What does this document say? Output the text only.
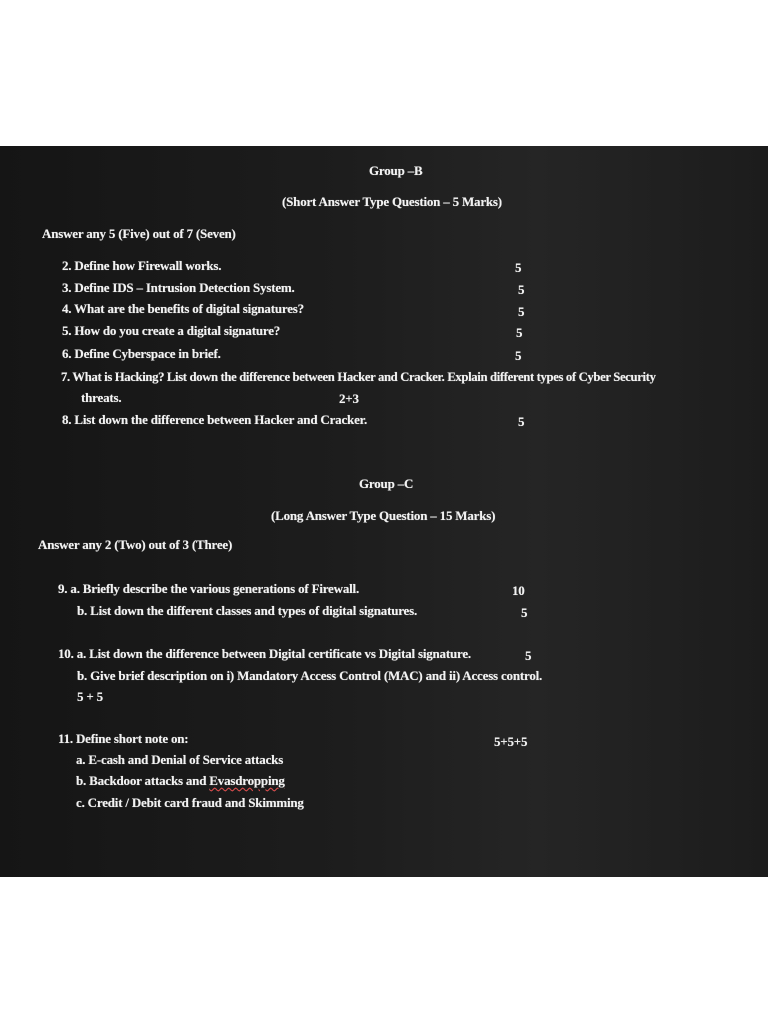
Group –B
(Short Answer Type Question – 5 Marks)
Answer any 5 (Five) out of 7 (Seven)
2. Define how Firewall works.	5
3. Define IDS – Intrusion Detection System.	5
4. What are the benefits of digital signatures?	5
5. How do you create a digital signature?	5
6. Define Cyberspace in brief.	5
7. What is Hacking? List down the difference between Hacker and Cracker. Explain different types of Cyber Security
threats.	2+3
8. List down the difference between Hacker and Cracker.	5
Group –C
(Long Answer Type Question – 15 Marks)
Answer any 2 (Two) out of 3 (Three)
9. a. Briefly describe the various generations of Firewall.	10
b. List down the different classes and types of digital signatures.	5
10. a. List down the difference between Digital certificate vs Digital signature.	5
b. Give brief description on i) Mandatory Access Control (MAC) and ii) Access control.
5 + 5
11. Define short note on:	5+5+5
a. E-cash and Denial of Service attacks
b. Backdoor attacks and Evasdropping
c. Credit / Debit card fraud and Skimming
